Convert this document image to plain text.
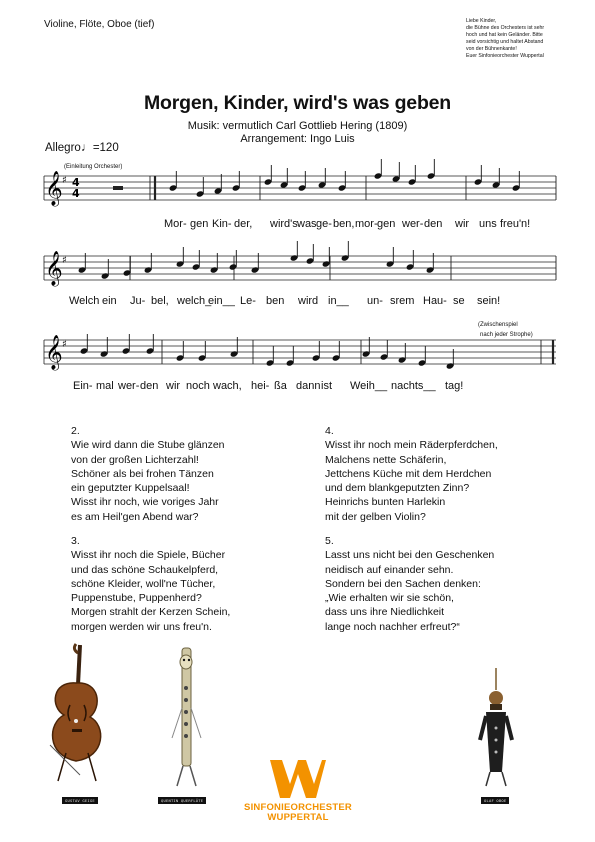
Violine, Flöte, Oboe (tief)	Liebe Kinder,
die Bühne des Orchesters ist sehr
hoch und hat kein Geländer. Bitte
seid vorsichtig und haltet Abstand
von der Bühnenkante!
Euer Sinfonieorchester Wuppertal
Morgen, Kinder, wird's was geben
Musik: vermutlich Carl Gottlieb Hering (1809)
Arrangement: Ingo Luis
Allegro♩=120
(Einleitung Orchester)
(Zwischenspiel
nach jeder Strophe)
𝄞 ♯
𝄞 ♯
𝄞 ♯
4
4
Mor- gen Kin- der, wird's was ge- ben, mor- gen wer- den wir uns freu'n!
Welch ein Ju- bel, welch_
ein__ Le- ben wird in__ un- srem Hau- se sein!
Ein- mal wer- den wir noch wach, hei- ßa dann ist Weih__ nachts__ tag!
2.
Wie wird dann die Stube glänzen
von der großen Lichterzahl!
Schöner als bei frohen Tänzen
ein geputzter Kuppelsaal!
Wisst ihr noch, wie voriges Jahr
es am Heil'gen Abend war?
3.
Wisst ihr noch die Spiele, Bücher
und das schöne Schaukelpferd,
schöne Kleider, woll'ne Tücher,
Puppenstube, Puppenherd?
Morgen strahlt der Kerzen Schein,
morgen werden wir uns freu'n.
4.
Wisst ihr noch mein Räderpferdchen,
Malchens nette Schäferin,
Jettchens Küche mit dem Herdchen
und dem blankgeputzten Zinn?
Heinrichs bunten Harlekin
mit der gelben Violin?
5.
Lasst uns nicht bei den Geschenken
neidisch auf einander sehn.
Sondern bei den Sachen denken:
„Wie erhalten wir sie schön,
dass uns ihre Niedlichkeit
lange noch nachher erfreut?“
GUSTAV GEIGE	QUENTIN QUERFLÖTE	OLAF OBOE
SINFONIEORCHESTER
WUPPERTAL
